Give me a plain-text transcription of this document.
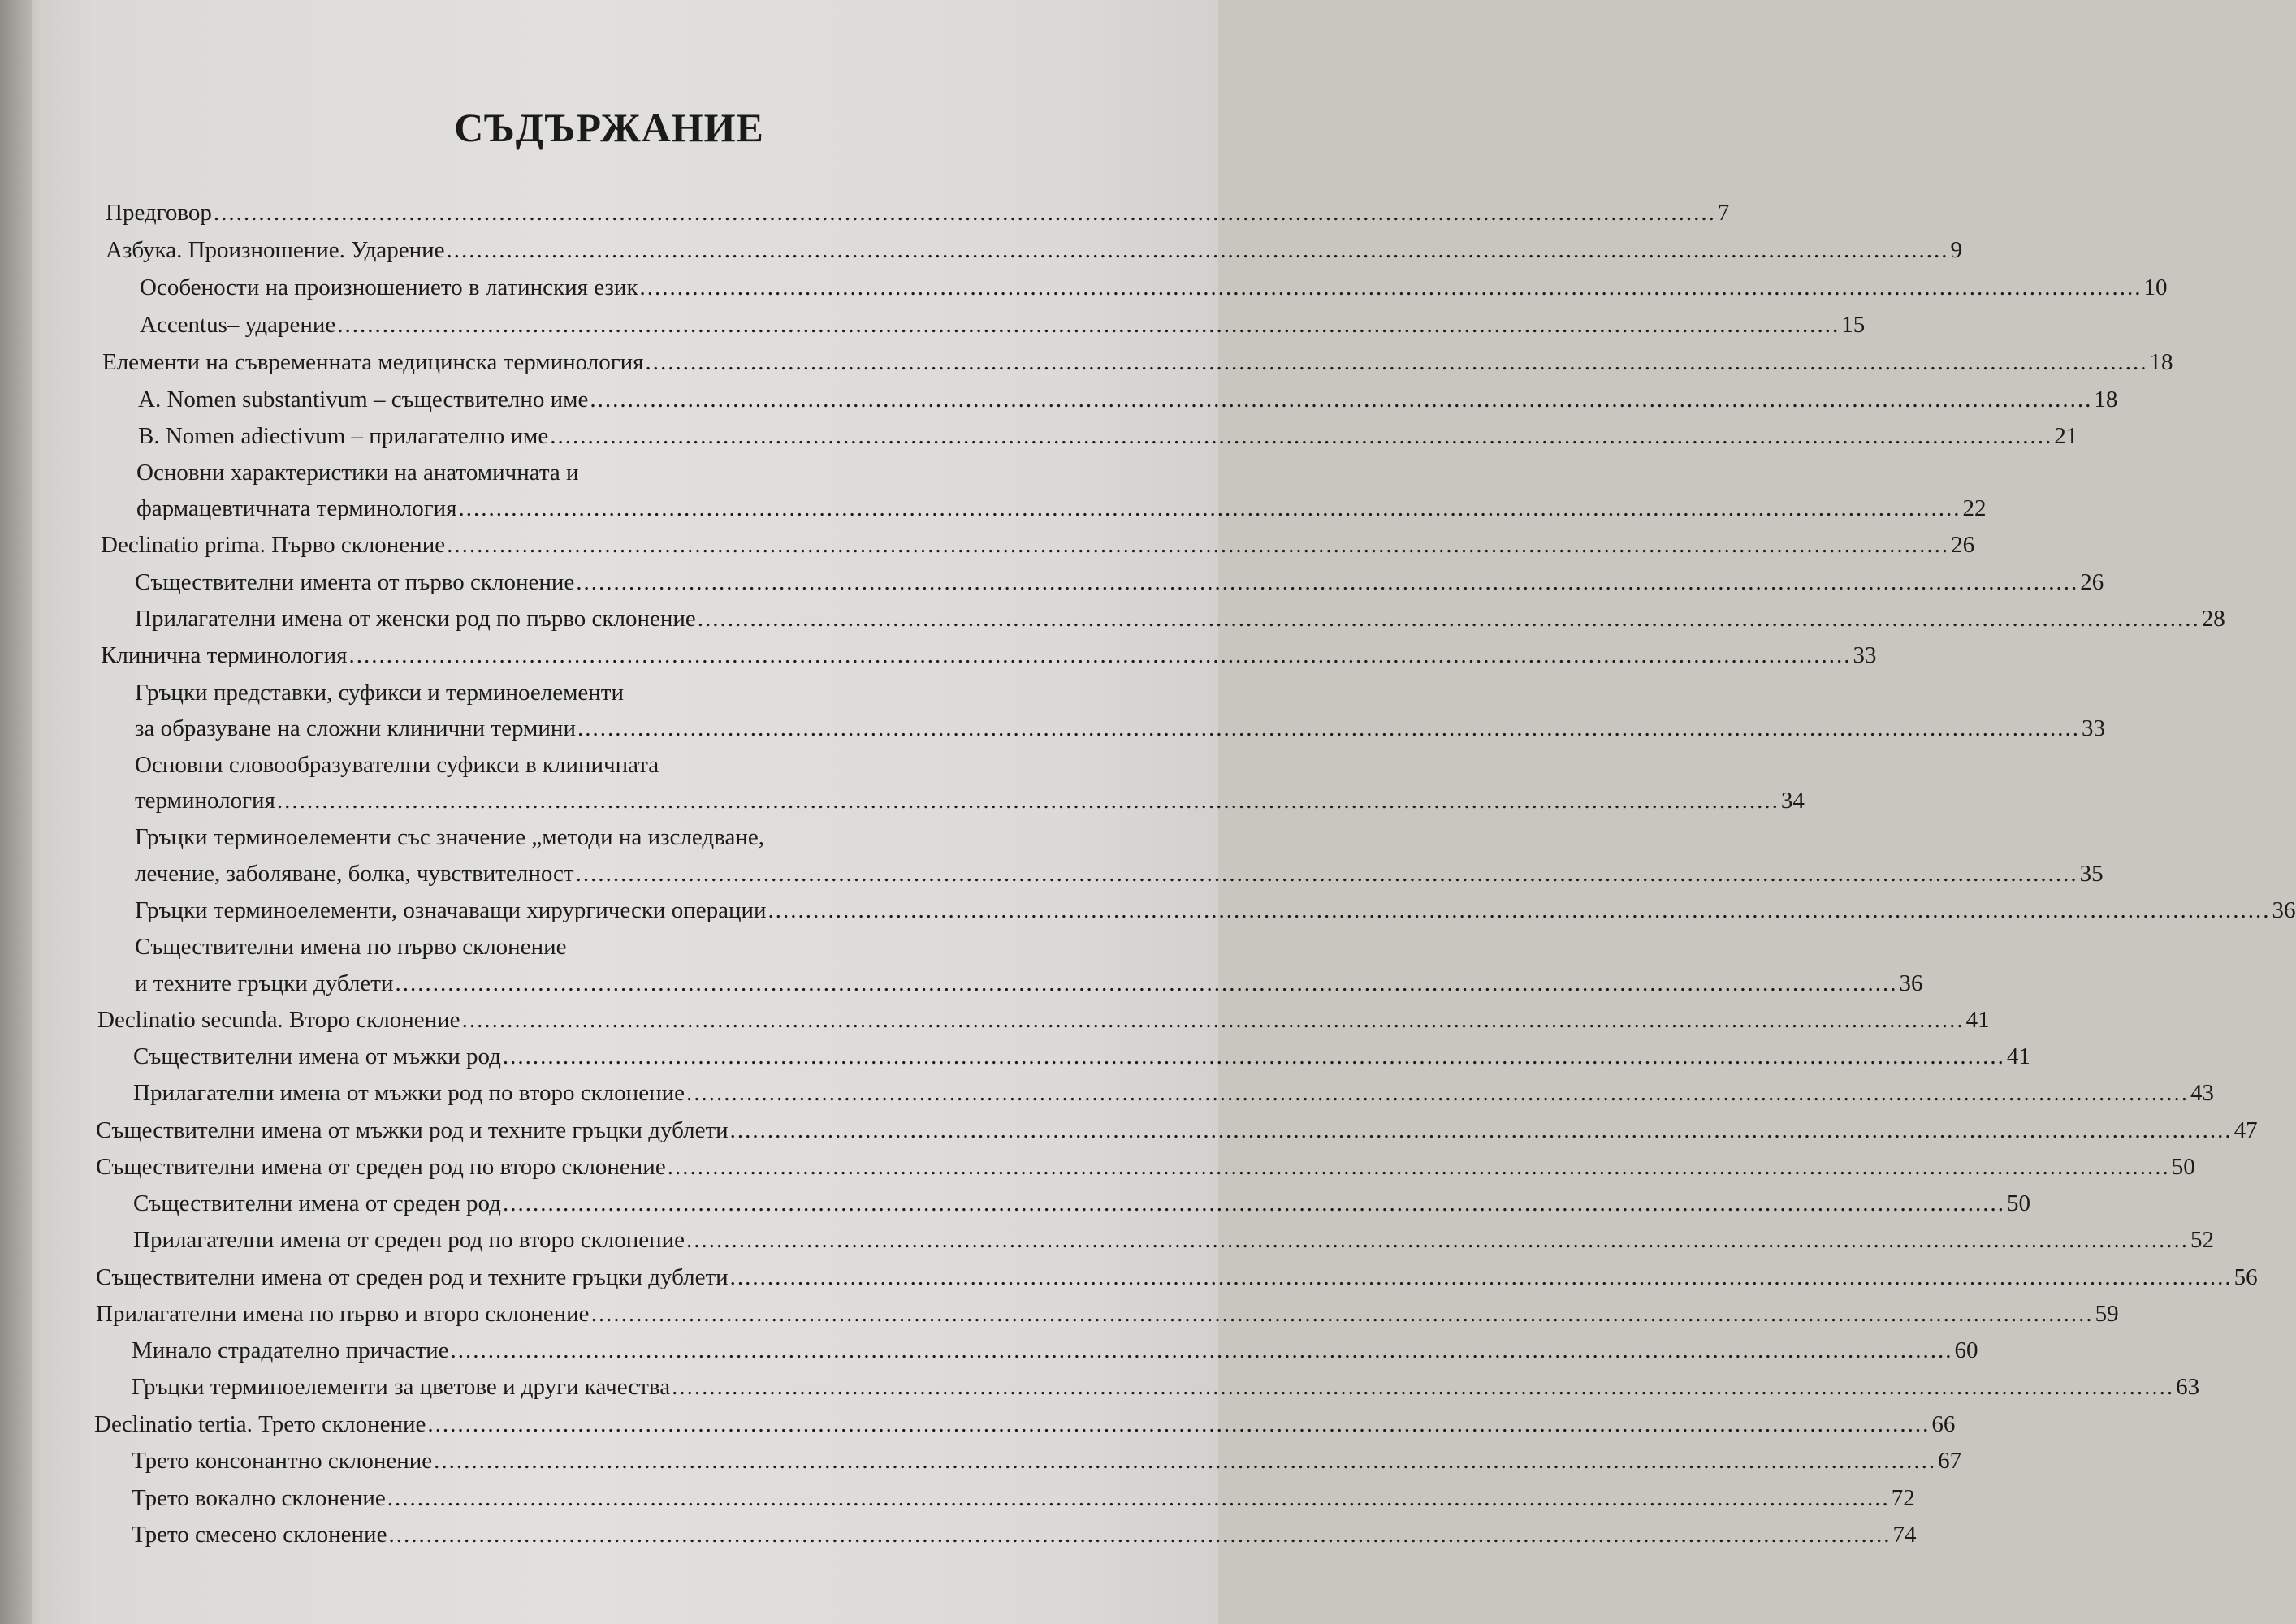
СЪДЪРЖАНИЕ
Предговор ........................................................................................................................................................................................................ 7
Азбука. Произношение. Ударение ........................................................................................................................................................................................................ 9
Особености на произношението в латинския език ........................................................................................................................................................................................................ 10
Accentus– ударение ........................................................................................................................................................................................................ 15
Елементи на съвременната медицинска терминология ........................................................................................................................................................................................................ 18
A. Nomen substantivum – съществително име ........................................................................................................................................................................................................ 18
B. Nomen adiectivum – прилагателно име ........................................................................................................................................................................................................ 21
Основни характеристики на анатомичната и
фармацевтичната терминология ........................................................................................................................................................................................................ 22
Declinatio prima. Първо склонение ........................................................................................................................................................................................................ 26
Съществителни имента от първо склонение ........................................................................................................................................................................................................ 26
Прилагателни имена от женски род по първо склонение ........................................................................................................................................................................................................ 28
Клинична терминология ........................................................................................................................................................................................................ 33
Гръцки представки, суфикси и терминоелементи
за образуване на сложни клинични термини ........................................................................................................................................................................................................ 33
Основни словообразувателни суфикси в клиничната
терминология ........................................................................................................................................................................................................ 34
Гръцки терминоелементи със значение „методи на изследване,
лечение, заболяване, болка, чувствителност ........................................................................................................................................................................................................ 35
Гръцки терминоелементи, означаващи хирургически операции ........................................................................................................................................................................................................ 36
Съществителни имена по първо склонение
и техните гръцки дублети ........................................................................................................................................................................................................ 36
Declinatio secunda. Второ склонение ........................................................................................................................................................................................................ 41
Съществителни имена от мъжки род ........................................................................................................................................................................................................ 41
Прилагателни имена от мъжки род по второ склонение ........................................................................................................................................................................................................ 43
Съществителни имена от мъжки род и техните гръцки дублети ........................................................................................................................................................................................................ 47
Съществителни имена от среден род по второ склонение ........................................................................................................................................................................................................ 50
Съществителни имена от среден род ........................................................................................................................................................................................................ 50
Прилагателни имена от среден род по второ склонение ........................................................................................................................................................................................................ 52
Съществителни имена от среден род и техните гръцки дублети ........................................................................................................................................................................................................ 56
Прилагателни имена по първо и второ склонение ........................................................................................................................................................................................................ 59
Минало страдателно причастие ........................................................................................................................................................................................................ 60
Гръцки терминоелементи за цветове и други качества ........................................................................................................................................................................................................ 63
Declinatio tertia. Трето склонение ........................................................................................................................................................................................................ 66
Трето консонантно склонение ........................................................................................................................................................................................................ 67
Трето вокално склонение ........................................................................................................................................................................................................ 72
Трето смесено склонение ........................................................................................................................................................................................................ 74
